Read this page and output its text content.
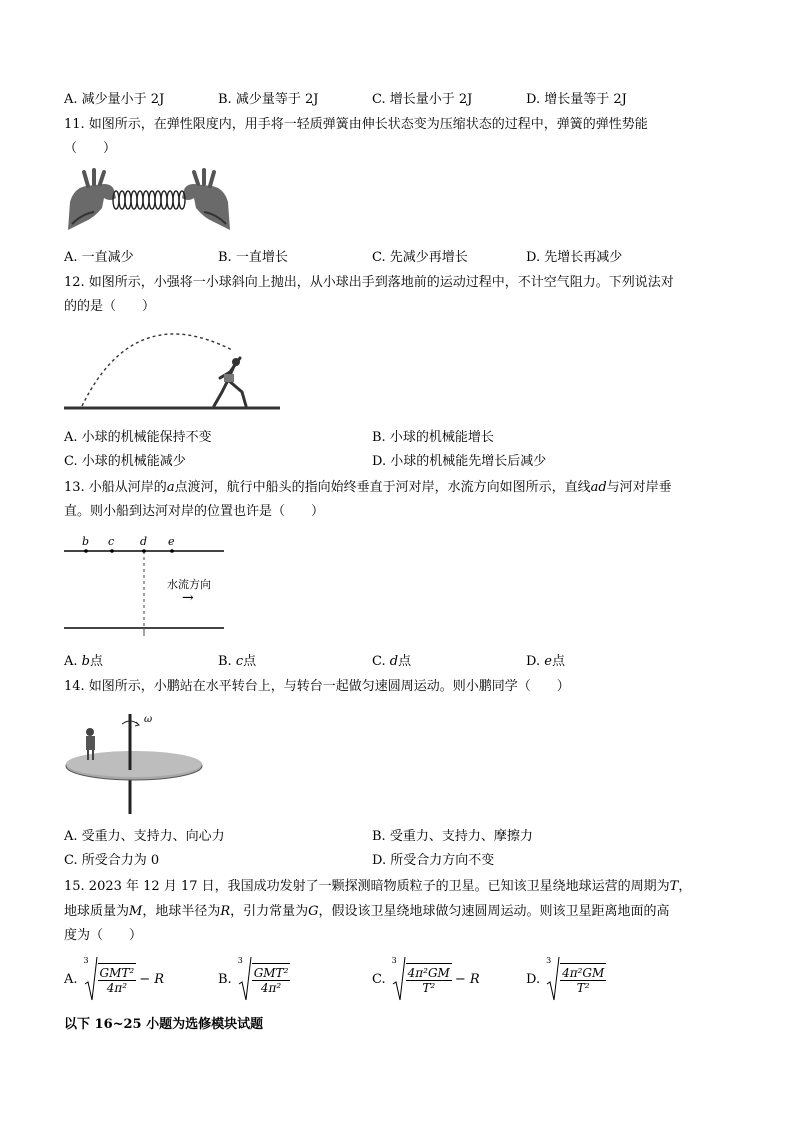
A. 减少量小于 2J	B. 减少量等于 2J	C. 增长量小于 2J	D. 增长量等于 2J
11. 如图所示，在弹性限度内，用手将一轻质弹簧由伸长状态变为压缩状态的过程中，弹簧的弹性势能
（　　）
A. 一直减少	B. 一直增长	C. 先减少再增长	D. 先增长再减少
12. 如图所示，小强将一小球斜向上抛出，从小球出手到落地前的运动过程中，不计空气阻力。下列说法对
的的是（　　）
A. 小球的机械能保持不变	B. 小球的机械能增长
C. 小球的机械能减少	D. 小球的机械能先增长后减少
13. 小船从河岸的a点渡河，航行中船头的指向始终垂直于河对岸，水流方向如图所示，直线ad与河对岸垂
直。则小船到达河对岸的位置也许是（　　）
b c d e
水流方向
→
A. b点	B. c点	C. d点	D. e点
14. 如图所示，小鹏站在水平转台上，与转台一起做匀速圆周运动。则小鹏同学（　　）
ω
A. 受重力、支持力、向心力	B. 受重力、支持力、摩擦力
C. 所受合力为 0	D. 所受合力方向不变
15. 2023 年 12 月 17 日，我国成功发射了一颗探测暗物质粒子的卫星。已知该卫星绕地球运营的周期为T，
地球质量为M，地球半径为R，引力常量为G，假设该卫星绕地球做匀速圆周运动。则该卫星距离地面的高
度为（　　）
A.
3
$\frac{\text{GMT²}}{\text{4π²}} - R$	B.
3
$\frac{\text{GMT²}}{\text{4π²}}$	C.
3
$\frac{\text{4π²GM}}{\text{T²}} - R$	D.
3
$\frac{\text{4π²GM}}{\text{T²}}$
以下 16~25 小题为选修模块试题
